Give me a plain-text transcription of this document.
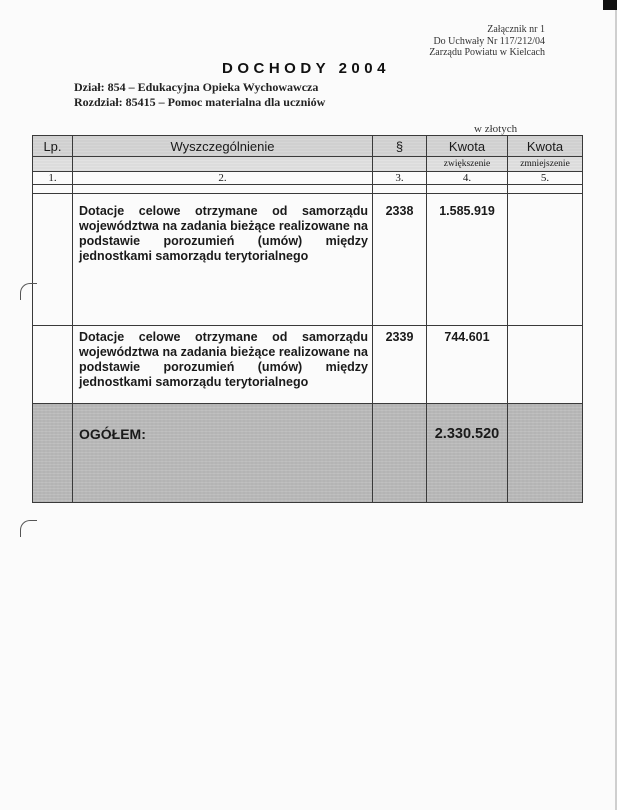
Załącznik nr 1
Do Uchwały Nr 117/212/04
Zarządu Powiatu w Kielcach
DOCHODY 2004
Dział: 854 – Edukacyjna Opieka Wychowawcza
Rozdział: 85415 – Pomoc materialna dla uczniów
w złotych
Lp.	Wyszczególnienie	§	Kwota	Kwota
			zwiększenie	zmniejszenie
1.	2.	3.	4.	5.

	Dotacje celowe otrzymane od samorządu województwa na zadania bieżące realizowane na podstawie porozumień (umów) między jednostkami samorządu terytorialnego	2338	1.585.919	
	Dotacje celowe otrzymane od samorządu województwa na zadania bieżące realizowane na podstawie porozumień (umów) między jednostkami samorządu terytorialnego	2339	744.601	
	OGÓŁEM:		2.330.520	
